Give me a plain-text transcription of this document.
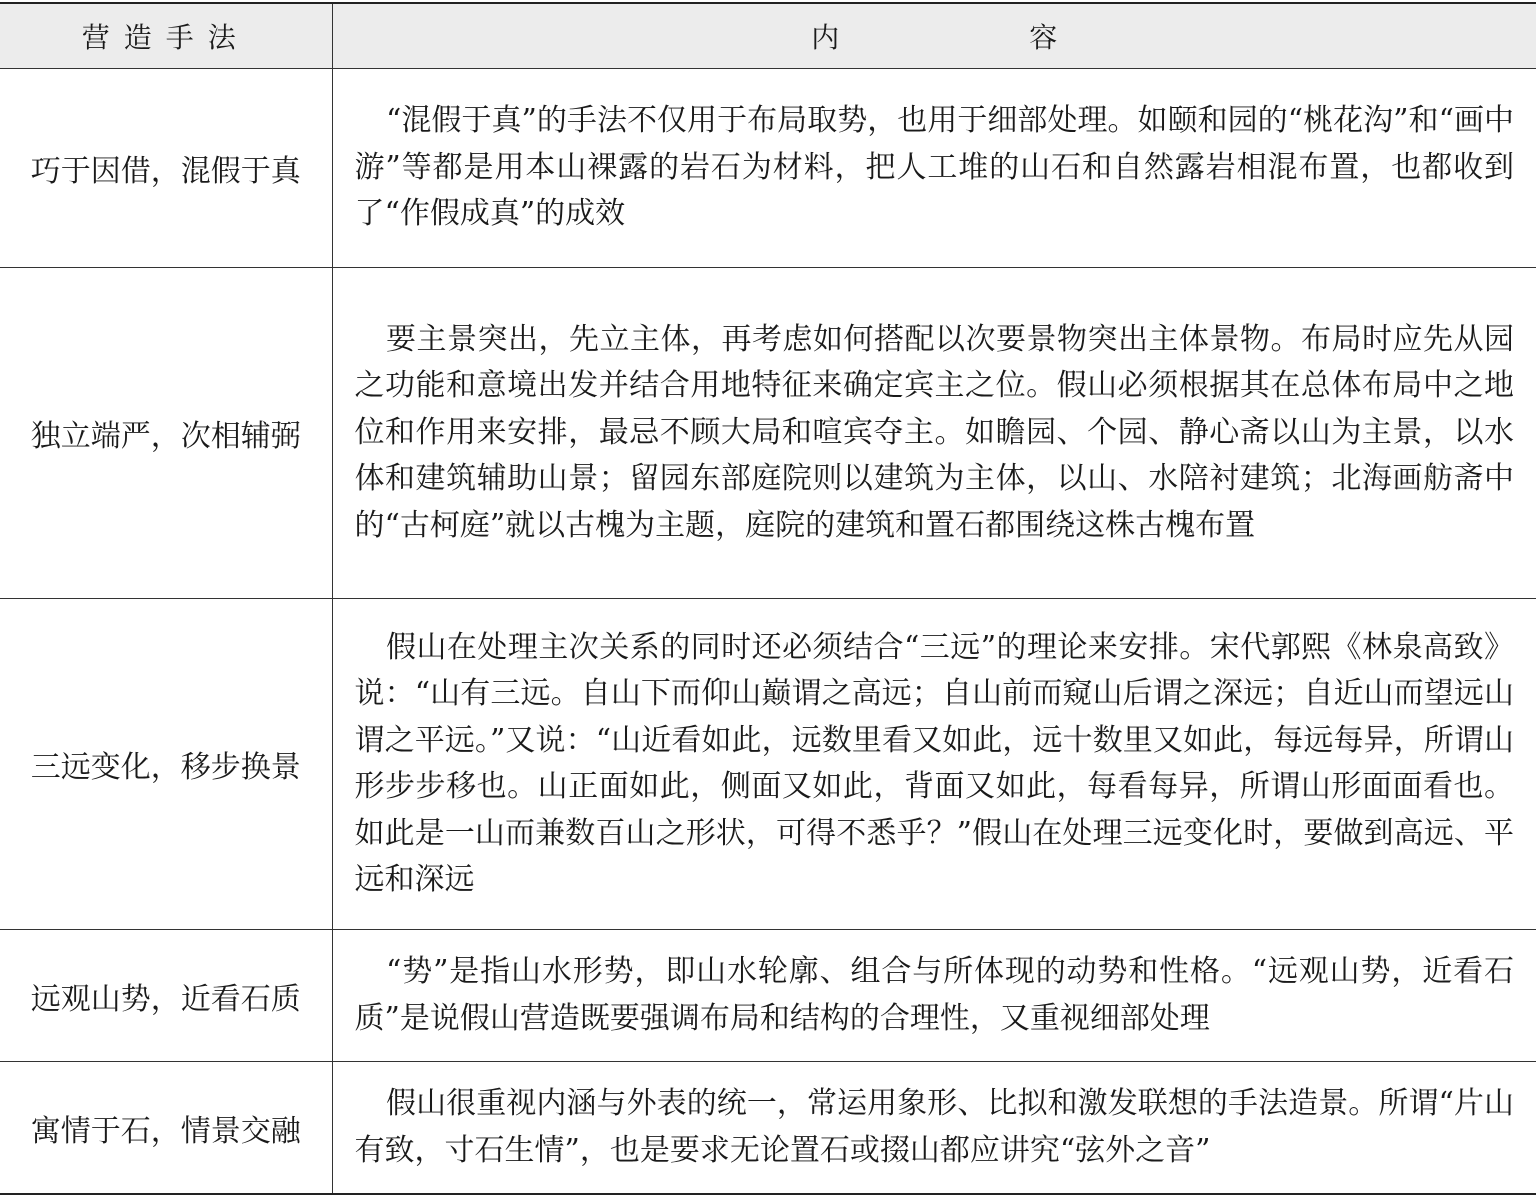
营造手法	内 容
巧于因借，混假于真	“混假于真”的手法不仅用于布局取势，也用于细部处理。如颐和园的“桃花沟”和“画中游”等都是用本山裸露的岩石为材料，把人工堆的山石和自然露岩相混布置，也都收到了“作假成真”的成效

独立端严，次相辅弼	要主景突出，先立主体，再考虑如何搭配以次要景物突出主体景物。布局时应先从园之功能和意境出发并结合用地特征来确定宾主之位。假山必须根据其在总体布局中之地位和作用来安排，最忌不顾大局和喧宾夺主。如瞻园、个园、静心斋以山为主景，以水体和建筑辅助山景；留园东部庭院则以建筑为主体，以山、水陪衬建筑；北海画舫斋中的“古柯庭”就以古槐为主题，庭院的建筑和置石都围绕这株古槐布置

三远变化，移步换景	假山在处理主次关系的同时还必须结合“三远”的理论来安排。宋代郭熙《林泉高致》说：“山有三远。自山下而仰山巅谓之高远；自山前而窥山后谓之深远；自近山而望远山谓之平远。”又说：“山近看如此，远数里看又如此，远十数里又如此，每远每异，所谓山形步步移也。山正面如此，侧面又如此，背面又如此，每看每异，所谓山形面面看也。如此是一山而兼数百山之形状，可得不悉乎？”假山在处理三远变化时，要做到高远、平远和深远

远观山势，近看石质	“势”是指山水形势，即山水轮廓、组合与所体现的动势和性格。“远观山势，近看石质”是说假山营造既要强调布局和结构的合理性，又重视细部处理

寓情于石，情景交融	假山很重视内涵与外表的统一，常运用象形、比拟和激发联想的手法造景。所谓“片山有致，寸石生情”，也是要求无论置石或掇山都应讲究“弦外之音”
